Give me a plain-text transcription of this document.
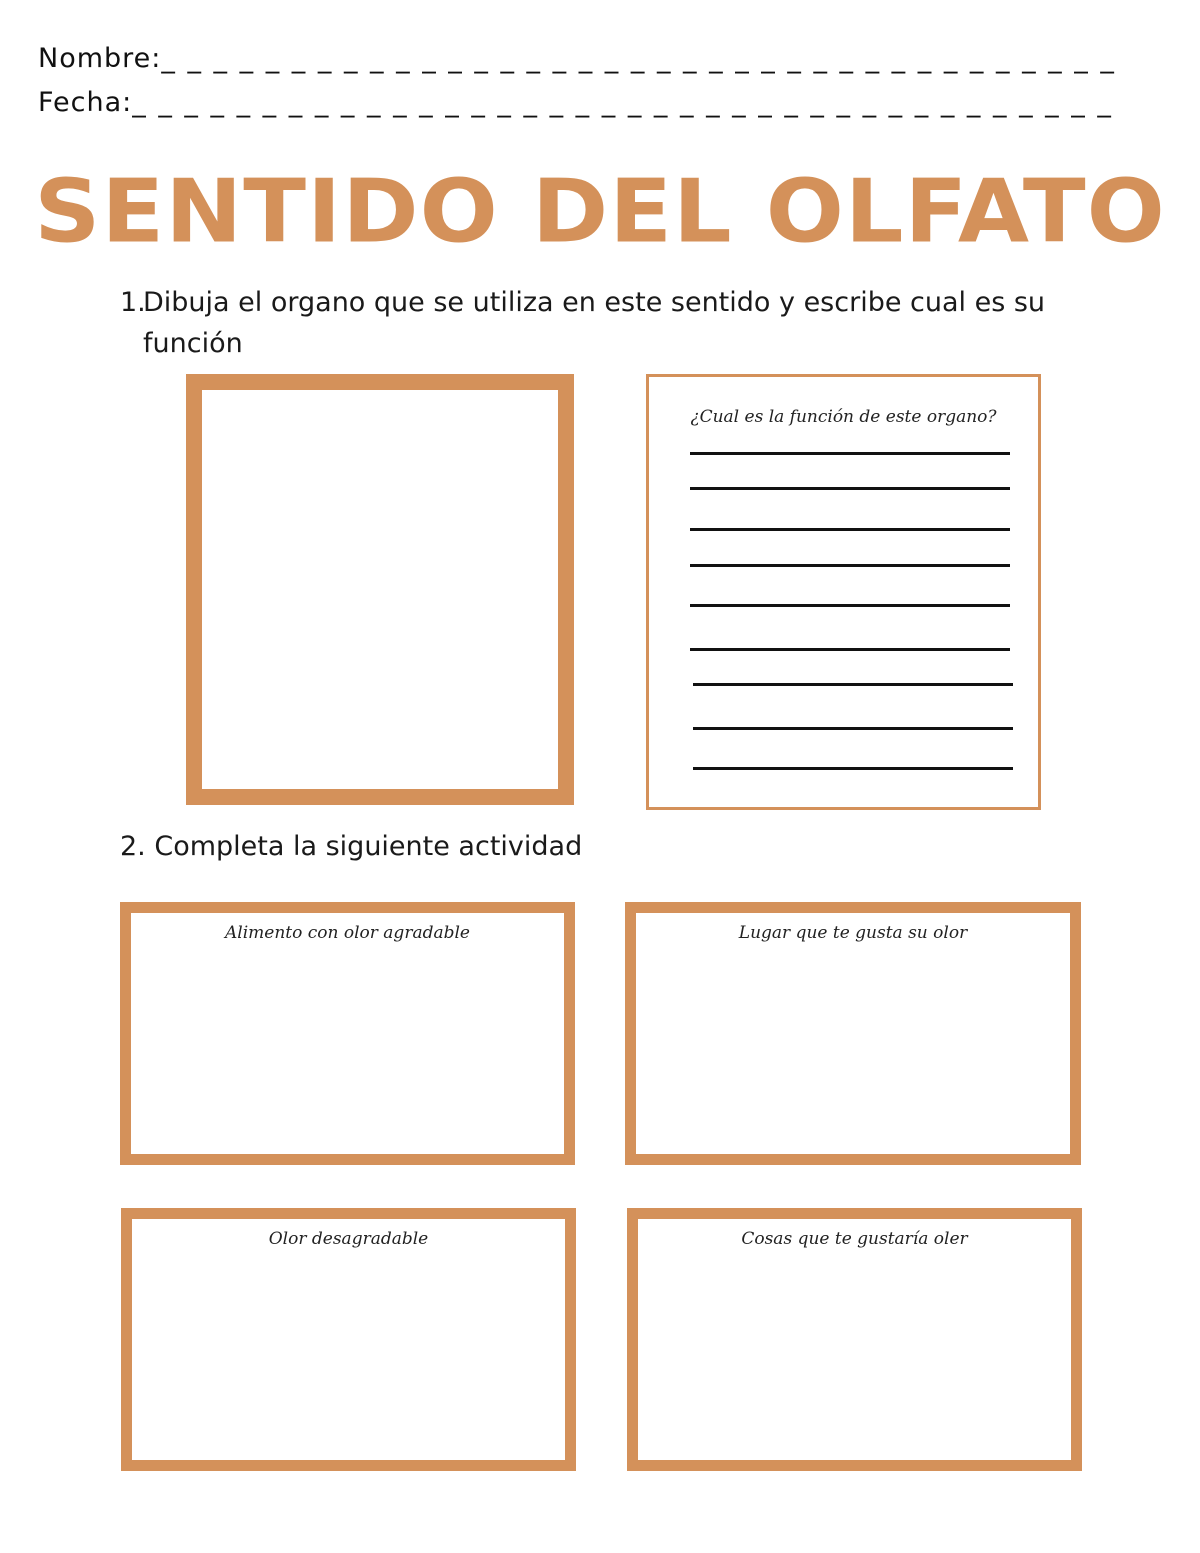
Nombre:_ _ _ _ _ _ _ _ _ _ _ _ _ _ _ _ _ _ _ _ _ _ _ _ _ _ _ _ _ _ _ _ _ _ _ _ _
Fecha:_ _ _ _ _ _ _ _ _ _ _ _ _ _ _ _ _ _ _ _ _ _ _ _ _ _ _ _ _ _ _ _ _ _ _ _ _ _
SENTIDO DEL OLFATO
1.
Dibuja el organo que se utiliza en este sentido y escribe cual es su función
¿Cual es la función de este organo?
2. Completa la siguiente actividad
Alimento con olor agradable	Lugar que te gusta su olor
Olor desagradable	Cosas que te gustaría oler
